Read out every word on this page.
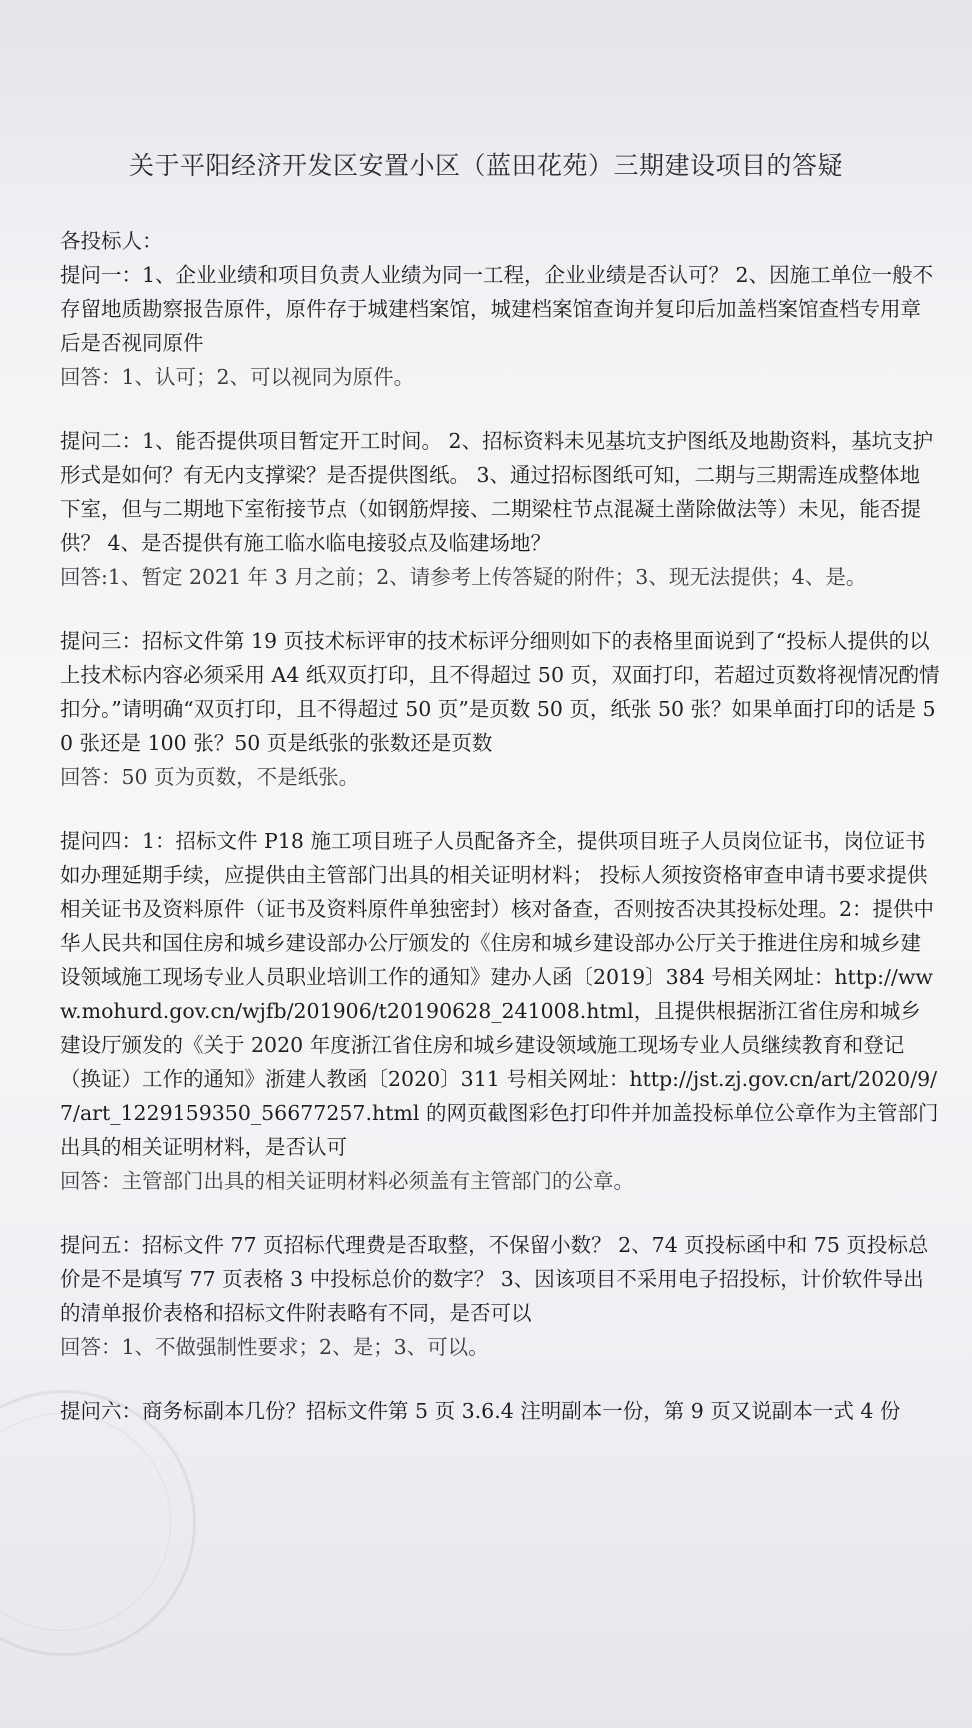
关于平阳经济开发区安置小区（蓝田花苑）三期建设项目的答疑

各投标人：

提问一：1、企业业绩和项目负责人业绩为同一工程，企业业绩是否认可？ 2、因施工单位一般不存留地质勘察报告原件，原件存于城建档案馆，城建档案馆查询并复印后加盖档案馆查档专用章后是否视同原件

回答：1、认可；2、可以视同为原件。

提问二：1、能否提供项目暂定开工时间。 2、招标资料未见基坑支护图纸及地勘资料，基坑支护形式是如何？有无内支撑梁？是否提供图纸。 3、通过招标图纸可知，二期与三期需连成整体地下室，但与二期地下室衔接节点（如钢筋焊接、二期梁柱节点混凝土凿除做法等）未见，能否提供？ 4、是否提供有施工临水临电接驳点及临建场地？

回答:1、暂定 2021 年 3 月之前；2、请参考上传答疑的附件；3、现无法提供；4、是。

提问三：招标文件第 19 页技术标评审的技术标评分细则如下的表格里面说到了“投标人提供的以上技术标内容必须采用 A4 纸双页打印，且不得超过 50 页，双面打印，若超过页数将视情况酌情扣分。”请明确“双页打印，且不得超过 50 页”是页数 50 页，纸张 50 张？如果单面打印的话是 50 张还是 100 张？50 页是纸张的张数还是页数

回答：50 页为页数，不是纸张。

提问四：1：招标文件 P18 施工项目班子人员配备齐全，提供项目班子人员岗位证书，岗位证书如办理延期手续，应提供由主管部门出具的相关证明材料； 投标人须按资格审查申请书要求提供相关证书及资料原件（证书及资料原件单独密封）核对备查，否则按否决其投标处理。2：提供中华人民共和国住房和城乡建设部办公厅颁发的《住房和城乡建设部办公厅关于推进住房和城乡建设领域施工现场专业人员职业培训工作的通知》建办人函〔2019〕384 号相关网址：http://www.mohurd.gov.cn/wjfb/201906/t20190628_241008.html，且提供根据浙江省住房和城乡建设厅颁发的《关于 2020 年度浙江省住房和城乡建设领域施工现场专业人员继续教育和登记（换证）工作的通知》浙建人教函〔2020〕311 号相关网址：http://jst.zj.gov.cn/art/2020/9/7/art_1229159350_56677257.html 的网页截图彩色打印件并加盖投标单位公章作为主管部门出具的相关证明材料，是否认可

回答：主管部门出具的相关证明材料必须盖有主管部门的公章。

提问五：招标文件 77 页招标代理费是否取整，不保留小数？ 2、74 页投标函中和 75 页投标总价是不是填写 77 页表格 3 中投标总价的数字？ 3、因该项目不采用电子招投标，计价软件导出的清单报价表格和招标文件附表略有不同，是否可以

回答：1、不做强制性要求；2、是；3、可以。

提问六：商务标副本几份？招标文件第 5 页 3.6.4 注明副本一份，第 9 页又说副本一式 4 份
